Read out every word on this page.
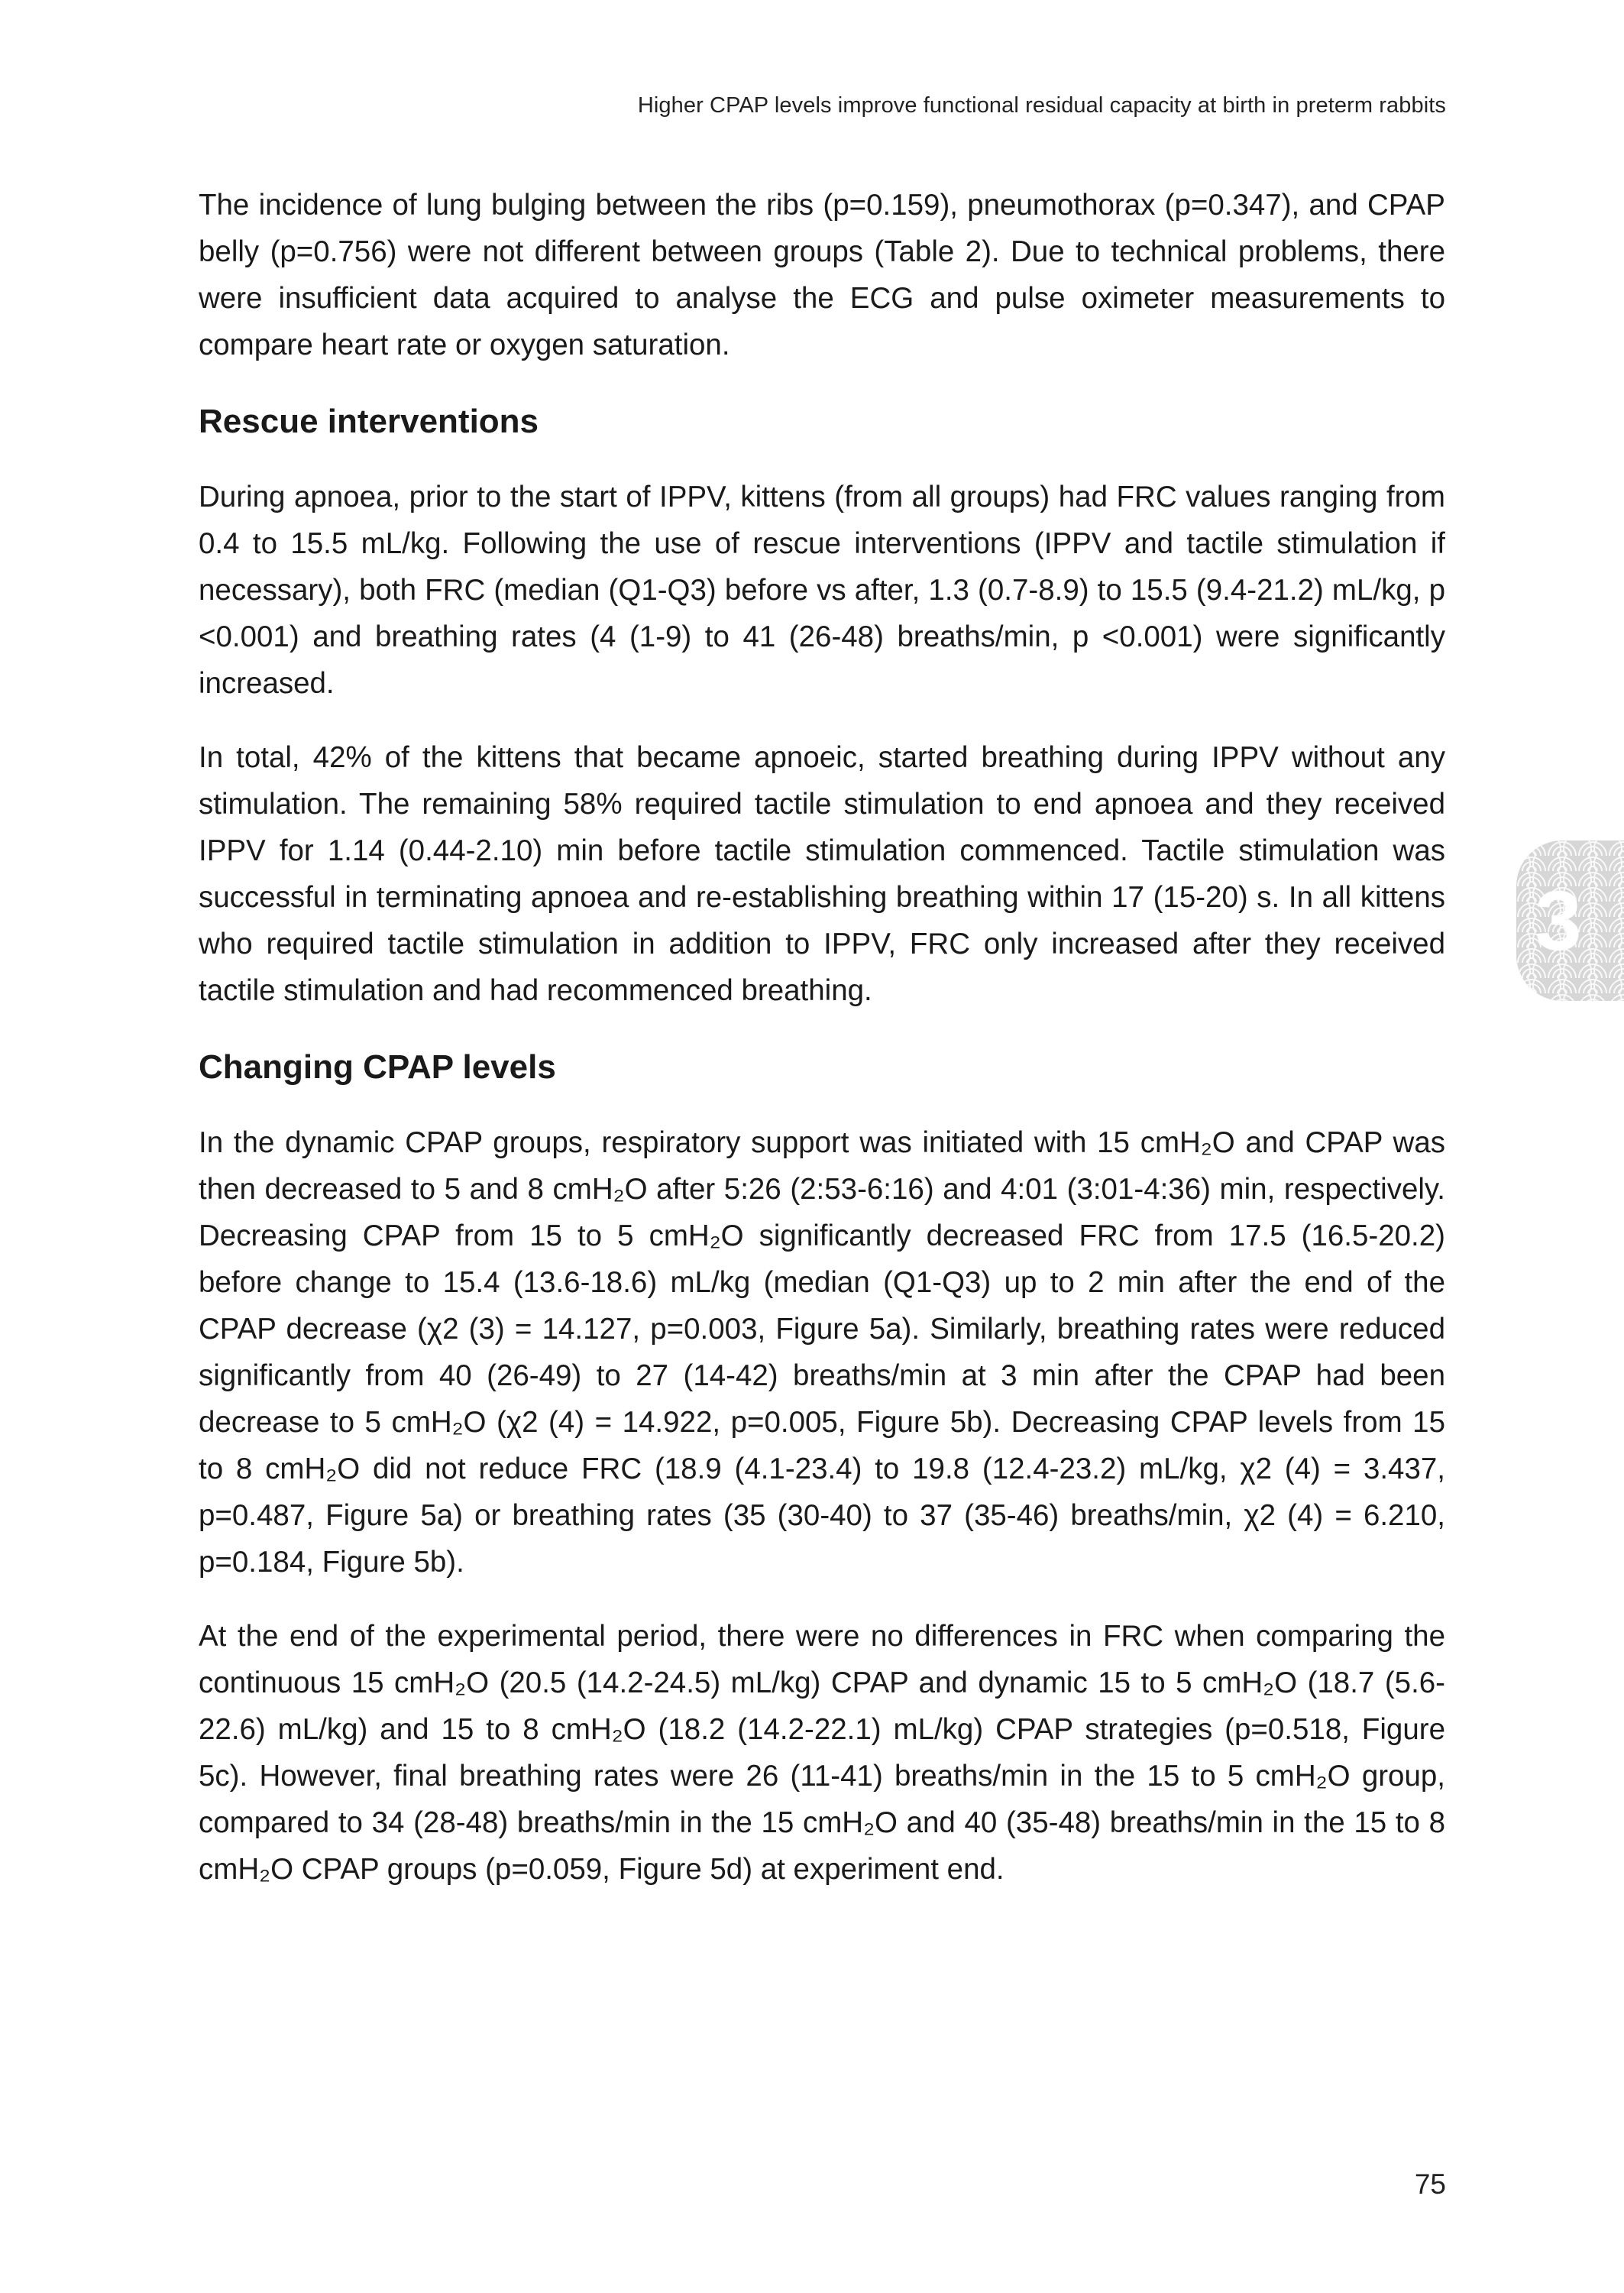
Higher CPAP levels improve functional residual capacity at birth in preterm rabbits

The incidence of lung bulging between the ribs (p=0.159), pneumothorax (p=0.347), and CPAP belly (p=0.756) were not different between groups (Table 2). Due to technical problems, there were insufficient data acquired to analyse the ECG and pulse oximeter measurements to compare heart rate or oxygen saturation.

Rescue interventions

During apnoea, prior to the start of IPPV, kittens (from all groups) had FRC values ranging from 0.4 to 15.5 mL/kg. Following the use of rescue interventions (IPPV and tactile stimulation if necessary), both FRC (median (Q1-Q3) before vs after, 1.3 (0.7-8.9) to 15.5 (9.4-21.2) mL/kg, p <0.001) and breathing rates (4 (1-9) to 41 (26-48) breaths/min, p <0.001) were significantly increased.

In total, 42% of the kittens that became apnoeic, started breathing during IPPV without any stimulation. The remaining 58% required tactile stimulation to end apnoea and they received IPPV for 1.14 (0.44-2.10) min before tactile stimulation commenced. Tactile stimulation was successful in terminating apnoea and re-establishing breathing within 17 (15-20) s. In all kittens who required tactile stimulation in addition to IPPV, FRC only increased after they received tactile stimulation and had recommenced breathing.

Changing CPAP levels

In the dynamic CPAP groups, respiratory support was initiated with 15 cmH₂O and CPAP was then decreased to 5 and 8 cmH₂O after 5:26 (2:53-6:16) and 4:01 (3:01-4:36) min, respectively. Decreasing CPAP from 15 to 5 cmH₂O significantly decreased FRC from 17.5 (16.5-20.2) before change to 15.4 (13.6-18.6) mL/kg (median (Q1-Q3) up to 2 min after the end of the CPAP decrease (χ2 (3) = 14.127, p=0.003, Figure 5a). Similarly, breathing rates were reduced significantly from 40 (26-49) to 27 (14-42) breaths/min at 3 min after the CPAP had been decrease to 5 cmH₂O (χ2 (4) = 14.922, p=0.005, Figure 5b). Decreasing CPAP levels from 15 to 8 cmH₂O did not reduce FRC (18.9 (4.1-23.4) to 19.8 (12.4-23.2) mL/kg, χ2 (4) = 3.437, p=0.487, Figure 5a) or breathing rates (35 (30-40) to 37 (35-46) breaths/min, χ2 (4) = 6.210, p=0.184, Figure 5b).

At the end of the experimental period, there were no differences in FRC when comparing the continuous 15 cmH₂O (20.5 (14.2-24.5) mL/kg) CPAP and dynamic 15 to 5 cmH₂O (18.7 (5.6-22.6) mL/kg) and 15 to 8 cmH₂O (18.2 (14.2-22.1) mL/kg) CPAP strategies (p=0.518, Figure 5c). However, final breathing rates were 26 (11-41) breaths/min in the 15 to 5 cmH₂O group, compared to 34 (28-48) breaths/min in the 15 cmH₂O and 40 (35-48) breaths/min in the 15 to 8 cmH₂O CPAP groups (p=0.059, Figure 5d) at experiment end.

3
75
